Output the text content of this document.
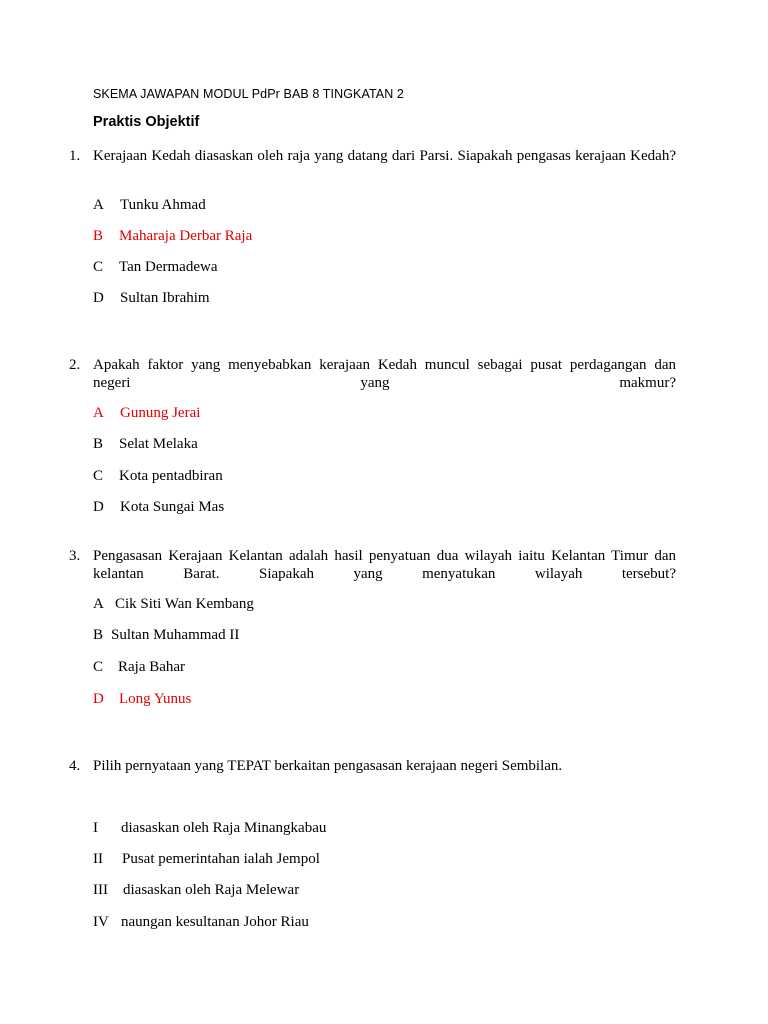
SKEMA JAWAPAN MODUL PdPr BAB 8 TINGKATAN 2
Praktis Objektif
1. Kerajaan Kedah diasaskan oleh raja yang datang dari Parsi. Siapakah pengasas kerajaan Kedah?
A Tunku Ahmad
B Maharaja Derbar Raja
C Tan Dermadewa
D Sultan Ibrahim
2. Apakah faktor yang menyebabkan kerajaan Kedah muncul sebagai pusat perdagangan dan negeri yang makmur?
A Gunung Jerai
B Selat Melaka
C Kota pentadbiran
D Kota Sungai Mas
3. Pengasasan Kerajaan Kelantan adalah hasil penyatuan dua wilayah iaitu Kelantan Timur dan kelantan Barat. Siapakah yang menyatukan wilayah tersebut?
A Cik Siti Wan Kembang
B Sultan Muhammad II
C Raja Bahar
D Long Yunus
4. Pilih pernyataan yang TEPAT berkaitan pengasasan kerajaan negeri Sembilan.
I diasaskan oleh Raja Minangkabau
II Pusat pemerintahan ialah Jempol
III diasaskan oleh Raja Melewar
IV naungan kesultanan Johor Riau
